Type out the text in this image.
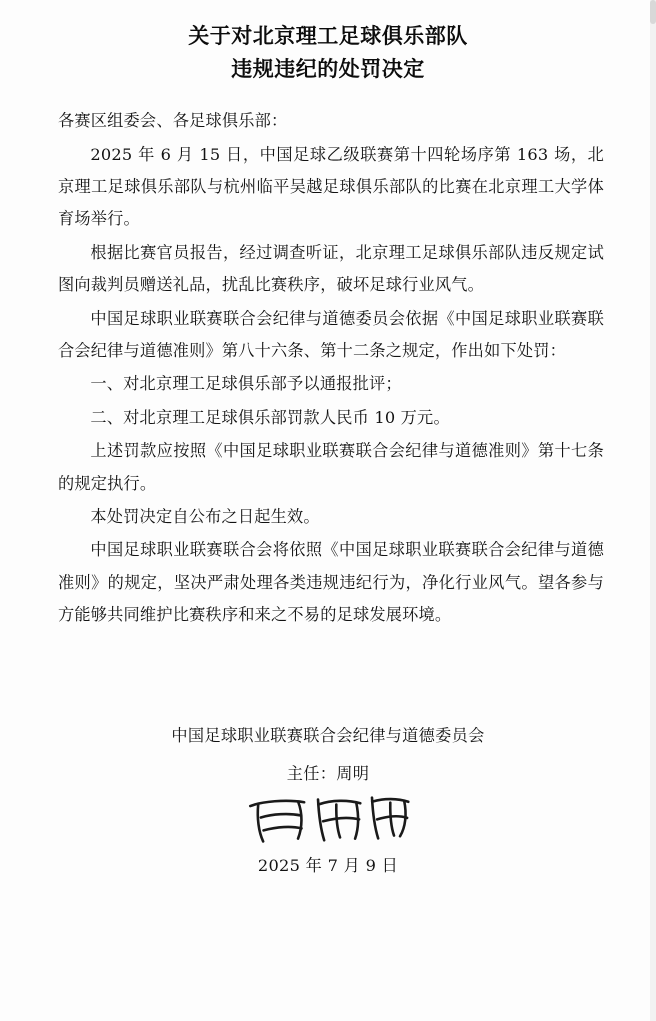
关于对北京理工足球俱乐部队
违规违纪的处罚决定

各赛区组委会、各足球俱乐部：

2025 年 6 月 15 日，中国足球乙级联赛第十四轮场序第 163 场，北京理工足球俱乐部队与杭州临平吴越足球俱乐部队的比赛在北京理工大学体育场举行。

根据比赛官员报告，经过调查听证，北京理工足球俱乐部队违反规定试图向裁判员赠送礼品，扰乱比赛秩序，破坏足球行业风气。

中国足球职业联赛联合会纪律与道德委员会依据《中国足球职业联赛联合会纪律与道德准则》第八十六条、第十二条之规定，作出如下处罚：

一、对北京理工足球俱乐部予以通报批评；

二、对北京理工足球俱乐部罚款人民币 10 万元。

上述罚款应按照《中国足球职业联赛联合会纪律与道德准则》第十七条的规定执行。

本处罚决定自公布之日起生效。

中国足球职业联赛联合会将依照《中国足球职业联赛联合会纪律与道德准则》的规定，坚决严肃处理各类违规违纪行为，净化行业风气。望各参与方能够共同维护比赛秩序和来之不易的足球发展环境。

中国足球职业联赛联合会纪律与道德委员会
主任：周明
2025 年 7 月 9 日
